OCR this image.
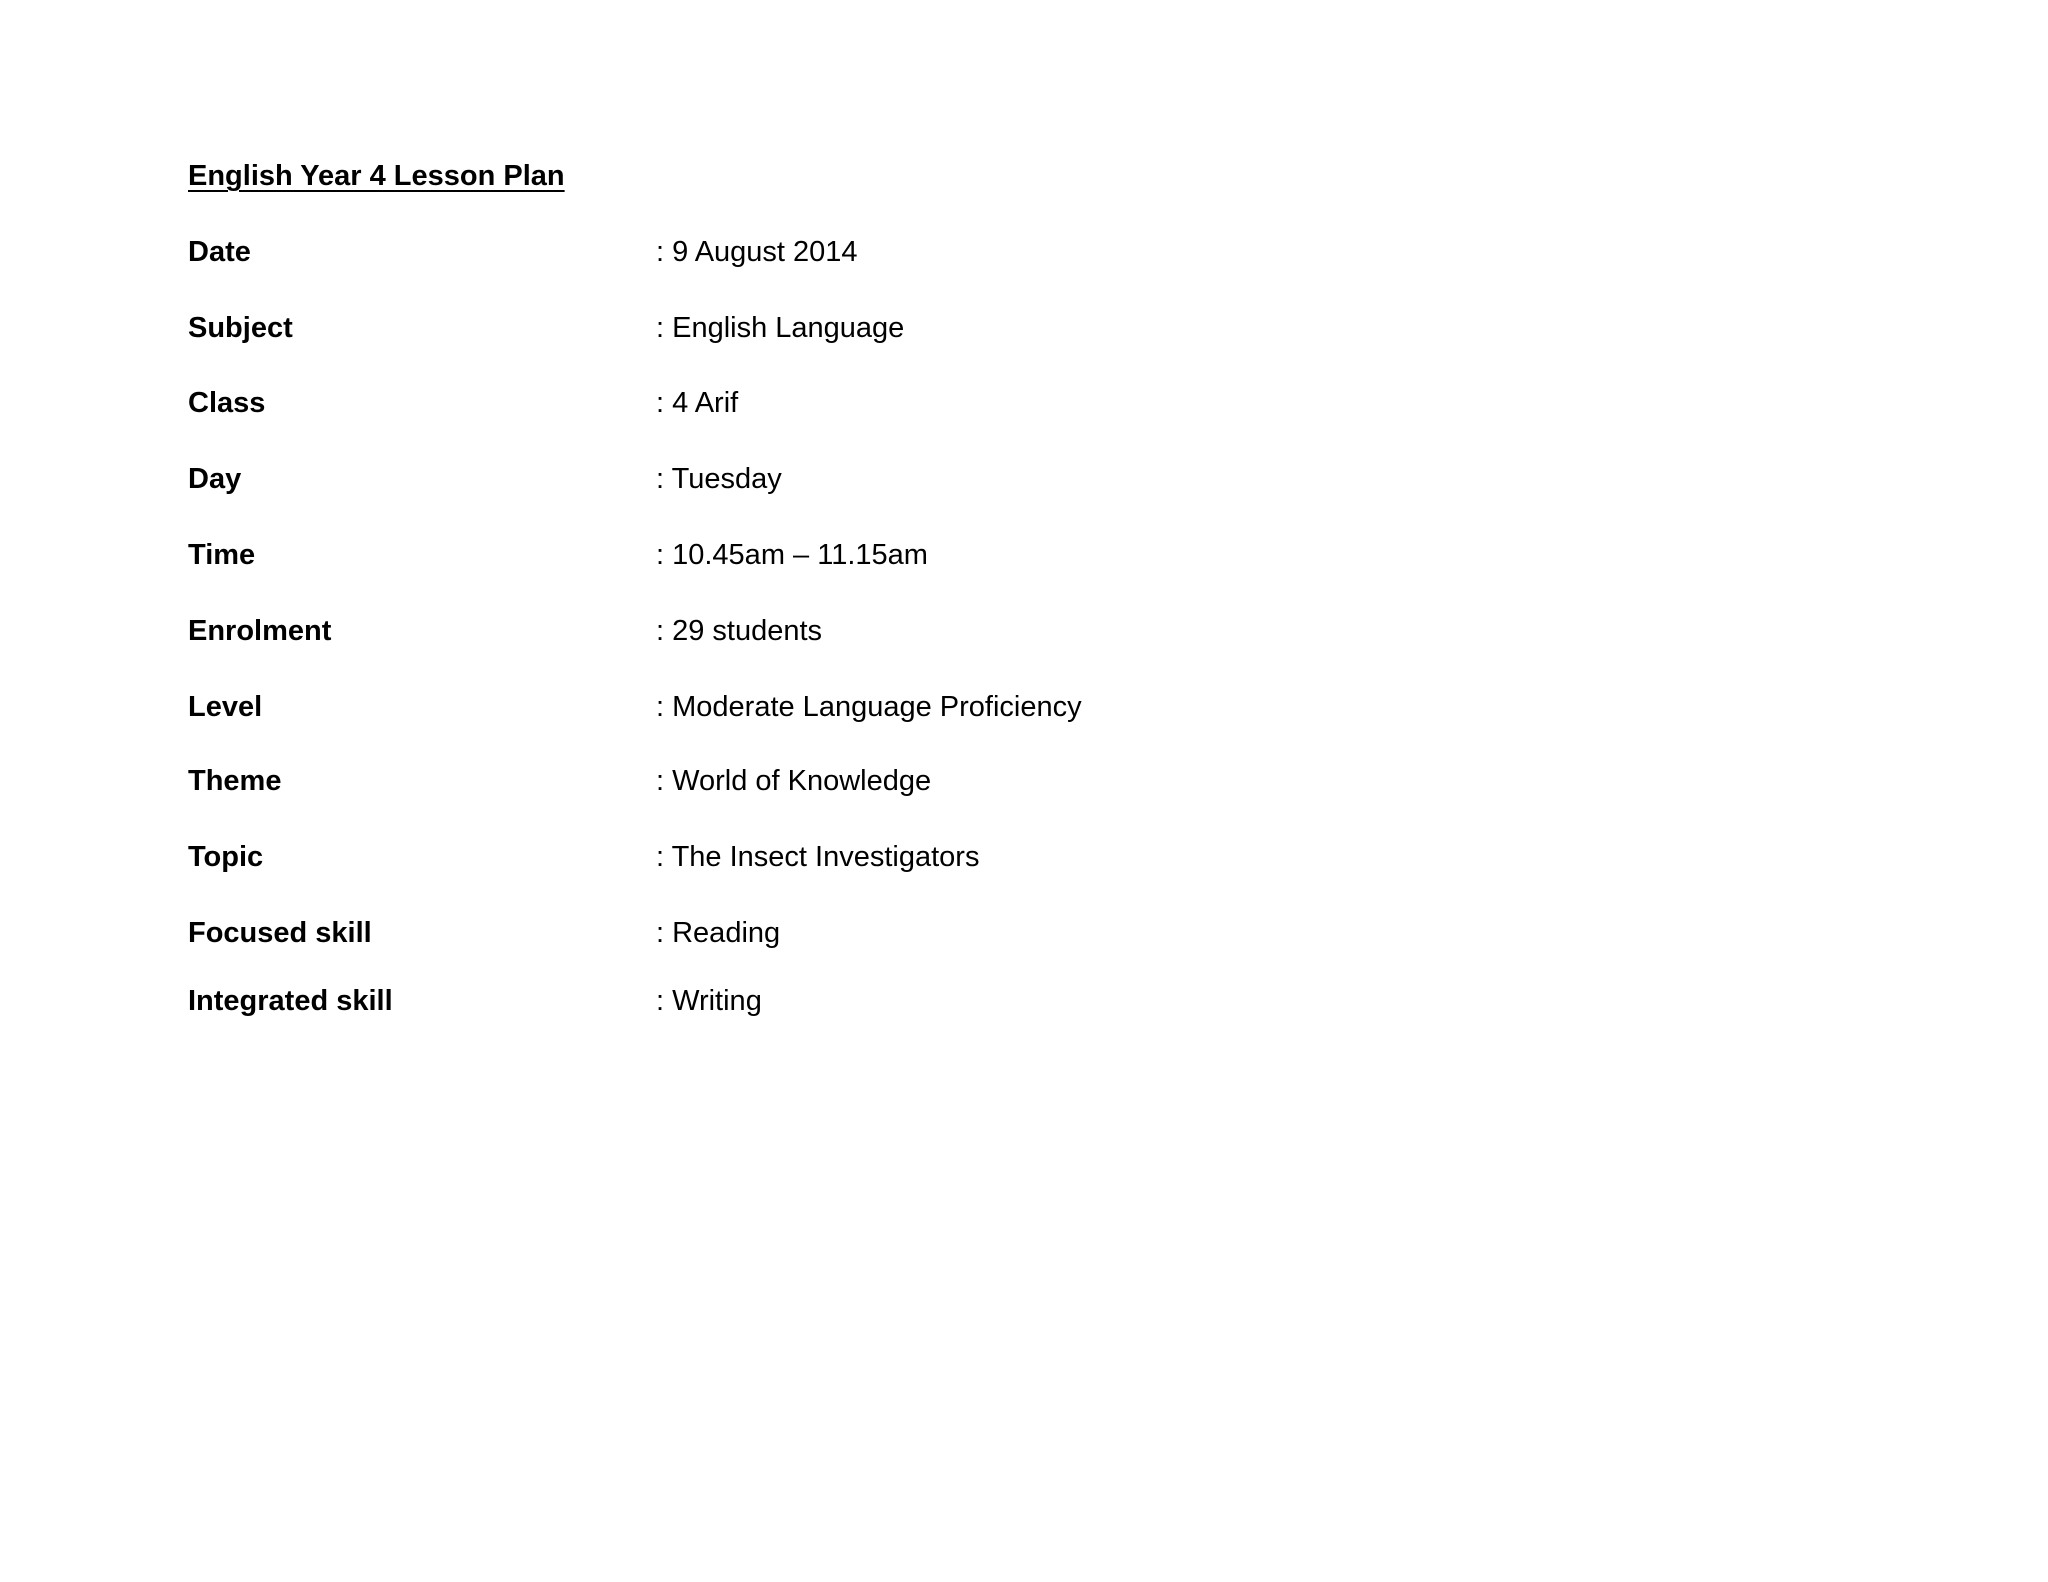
English Year 4 Lesson Plan
Date	: 9 August 2014
Subject	: English Language
Class	: 4 Arif
Day	: Tuesday
Time	: 10.45am – 11.15am
Enrolment	: 29 students
Level	: Moderate Language Proficiency
Theme	: World of Knowledge
Topic	: The Insect Investigators
Focused skill	: Reading
Integrated skill	: Writing
